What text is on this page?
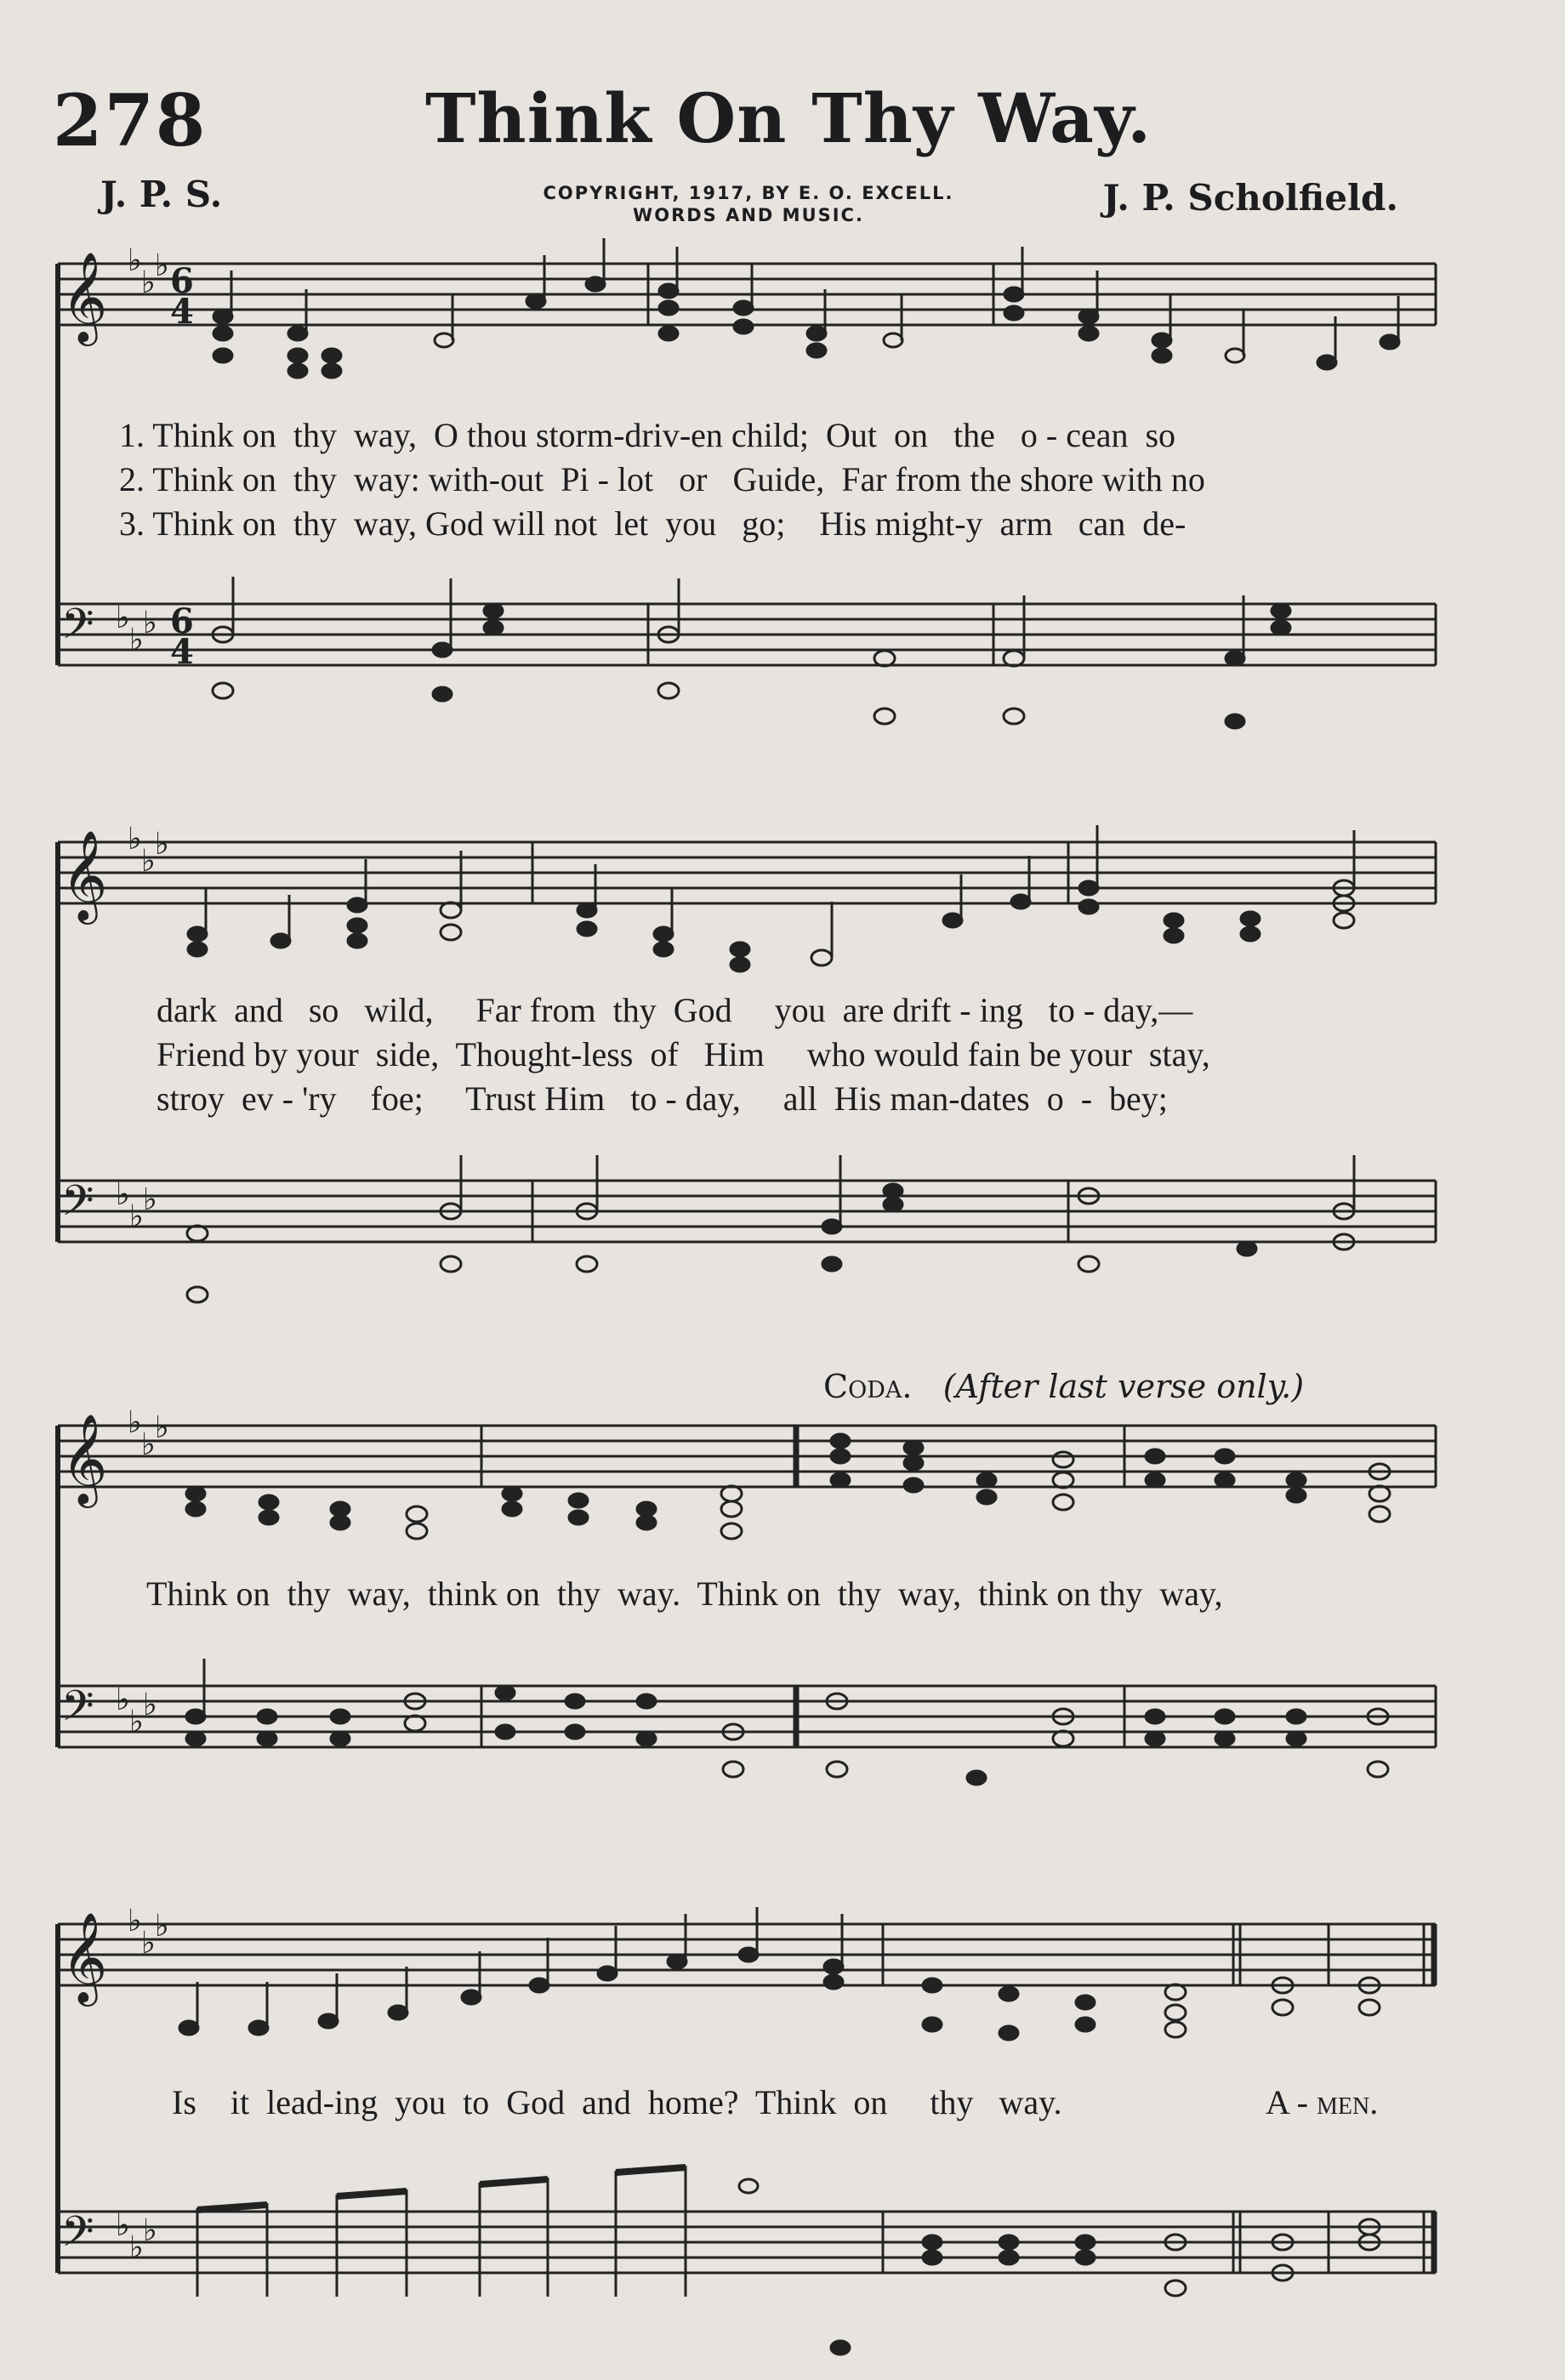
278	Think On Thy Way.
J. P. S.	COPYRIGHT, 1917, BY E. O. EXCELL.
WORDS AND MUSIC.	J. P. Scholfield.
𝄞
𝄢
𝄞
𝄢
𝄞
𝄢
𝄞
𝄢
♭
♭ ♭
♭
♭ ♭
♭
♭ ♭
♭
♭ ♭
♭
♭ ♭
♭
♭ ♭
♭
♭ ♭
♭
♭ ♭
6
4
6
4
1. Think on  thy  way,  O thou storm-driv-en child;  Out  on   the   o - cean  so
2. Think on  thy  way: with-out  Pi - lot   or   Guide,  Far from the shore with no
3. Think on  thy  way, God will not  let  you   go;    His might-y  arm   can  de-
dark  and   so   wild,     Far from  thy  God     you  are drift - ing   to - day,—
Friend by your  side,  Thought-less  of   Him     who would fain be your  stay,
stroy  ev - 'ry    foe;     Trust Him   to - day,     all  His man-dates  o  -  bey;
Coda. (After last verse only.)
Think on  thy  way,  think on  thy  way.  Think on  thy  way,  think on thy  way,
Is    it  lead-ing  you  to  God  and  home?  Think  on     thy   way.	A - men.
